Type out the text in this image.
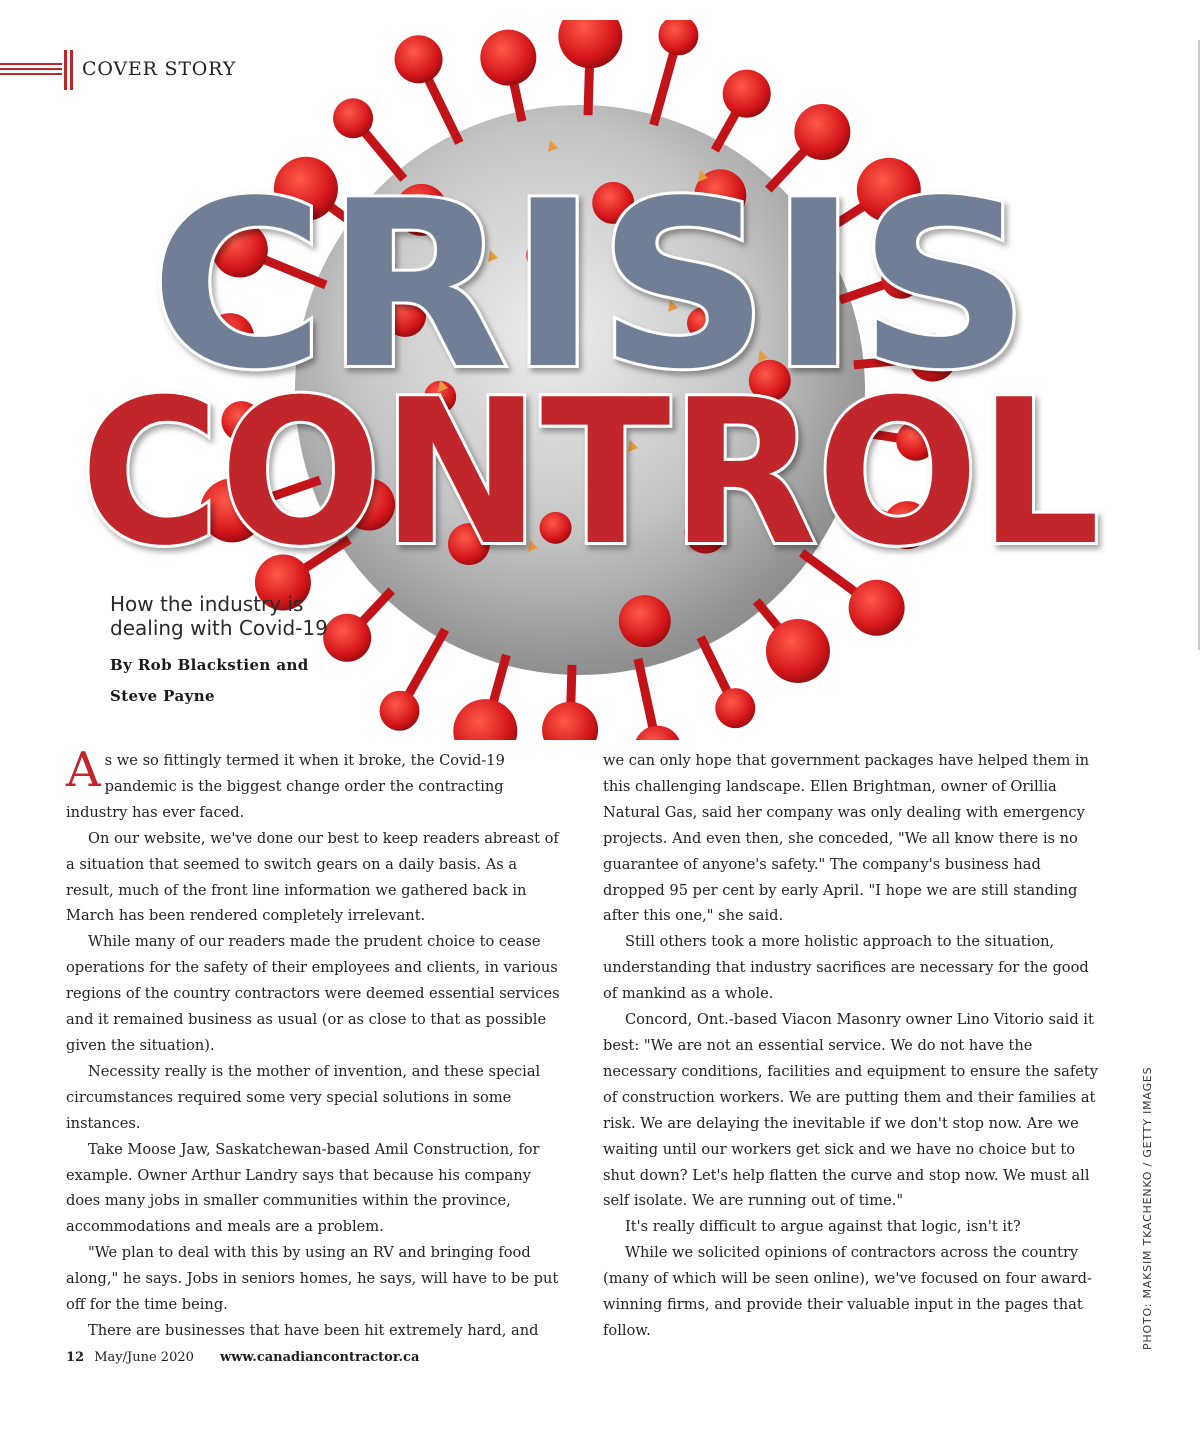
COVER STORY
CRISIS
CONTROL
How the industry is
dealing with Covid-19
By Rob Blackstien and
Steve Payne

As we so fittingly termed it when it broke, the Covid-19 pandemic is the biggest change order the contracting industry has ever faced.

On our website, we've done our best to keep readers abreast of a situation that seemed to switch gears on a daily basis. As a result, much of the front line information we gathered back in March has been rendered completely irrelevant.

While many of our readers made the prudent choice to cease operations for the safety of their employees and clients, in various regions of the country contractors were deemed essential services and it remained business as usual (or as close to that as possible given the situation).

Necessity really is the mother of invention, and these special circumstances required some very special solutions in some instances.

Take Moose Jaw, Saskatchewan-based Amil Construction, for example. Owner Arthur Landry says that because his company does many jobs in smaller communities within the province, accommodations and meals are a problem.

"We plan to deal with this by using an RV and bringing food along," he says. Jobs in seniors homes, he says, will have to be put off for the time being.

There are businesses that have been hit extremely hard, and

we can only hope that government packages have helped them in this challenging landscape. Ellen Brightman, owner of Orillia Natural Gas, said her company was only dealing with emergency projects. And even then, she conceded, "We all know there is no guarantee of anyone's safety." The company's business had dropped 95 per cent by early April. "I hope we are still standing after this one," she said.

Still others took a more holistic approach to the situation, understanding that industry sacrifices are necessary for the good of mankind as a whole.

Concord, Ont.-based Viacon Masonry owner Lino Vitorio said it best: "We are not an essential service. We do not have the necessary conditions, facilities and equipment to ensure the safety of construction workers. We are putting them and their families at risk. We are delaying the inevitable if we don't stop now. Are we waiting until our workers get sick and we have no choice but to shut down? Let's help flatten the curve and stop now. We must all self isolate. We are running out of time."

It's really difficult to argue against that logic, isn't it?

While we solicited opinions of contractors across the country (many of which will be seen online), we've focused on four award-winning firms, and provide their valuable input in the pages that follow.	PHOTO: MAKSIM TKACHENKO / GETTY IMAGES
12 May/June 2020 www.canadiancontractor.ca
